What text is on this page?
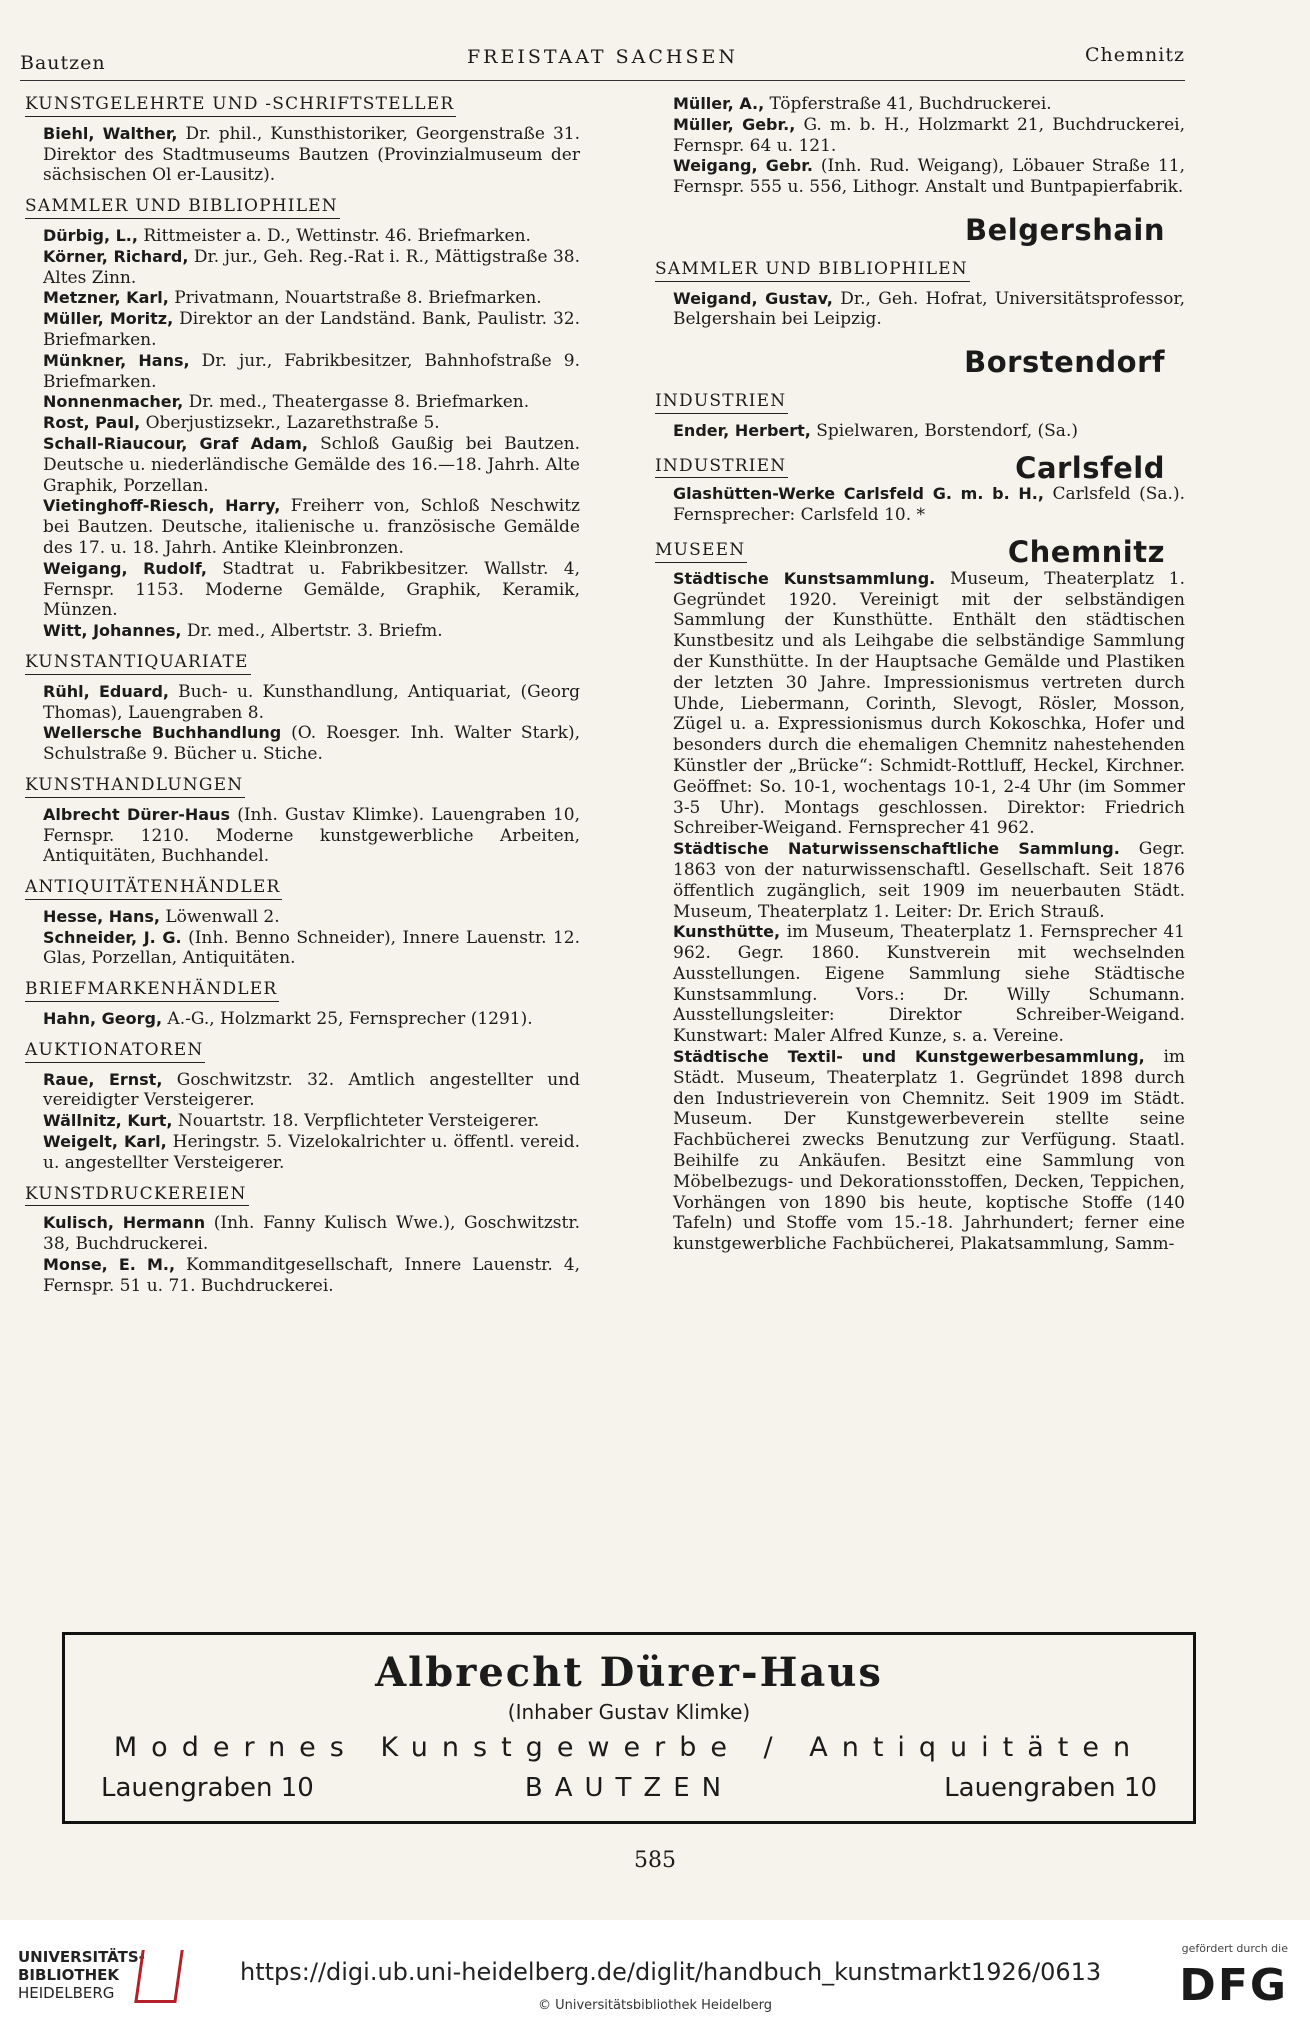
Bautzen	FREISTAAT SACHSEN	Chemnitz
KUNSTGELEHRTE UND -SCHRIFTSTELLER
Biehl, Walther, Dr. phil., Kunsthistoriker, Georgenstraße 31. Direktor des Stadtmuseums Bautzen (Provinzialmuseum der sächsischen Ol er-Lausitz).
SAMMLER UND BIBLIOPHILEN
Dürbig, L., Rittmeister a. D., Wettinstr. 46. Briefmarken.
Körner, Richard, Dr. jur., Geh. Reg.-Rat i. R., Mättigstraße 38. Altes Zinn.
Metzner, Karl, Privatmann, Nouartstraße 8. Briefmarken.
Müller, Moritz, Direktor an der Landständ. Bank, Paulistr. 32. Briefmarken.
Münkner, Hans, Dr. jur., Fabrikbesitzer, Bahnhofstraße 9. Briefmarken.
Nonnenmacher, Dr. med., Theatergasse 8. Briefmarken.
Rost, Paul, Oberjustizsekr., Lazarethstraße 5.
Schall-Riaucour, Graf Adam, Schloß Gaußig bei Bautzen. Deutsche u. niederländische Gemälde des 16.—18. Jahrh. Alte Graphik, Porzellan.
Vietinghoff-Riesch, Harry, Freiherr von, Schloß Neschwitz bei Bautzen. Deutsche, italienische u. französische Gemälde des 17. u. 18. Jahrh. Antike Kleinbronzen.
Weigang, Rudolf, Stadtrat u. Fabrikbesitzer. Wallstr. 4, Fernspr. 1153. Moderne Gemälde, Graphik, Keramik, Münzen.
Witt, Johannes, Dr. med., Albertstr. 3. Briefm.
KUNSTANTIQUARIATE
Rühl, Eduard, Buch- u. Kunsthandlung, Antiquariat, (Georg Thomas), Lauengraben 8.
Wellersche Buchhandlung (O. Roesger. Inh. Walter Stark), Schulstraße 9. Bücher u. Stiche.
KUNSTHANDLUNGEN
Albrecht Dürer-Haus (Inh. Gustav Klimke). Lauengraben 10, Fernspr. 1210. Moderne kunstgewerbliche Arbeiten, Antiquitäten, Buchhandel.
ANTIQUITÄTENHÄNDLER
Hesse, Hans, Löwenwall 2.
Schneider, J. G. (Inh. Benno Schneider), Innere Lauenstr. 12. Glas, Porzellan, Antiquitäten.
BRIEFMARKENHÄNDLER
Hahn, Georg, A.-G., Holzmarkt 25, Fernsprecher (1291).
AUKTIONATOREN
Raue, Ernst, Goschwitzstr. 32. Amtlich angestellter und vereidigter Versteigerer.
Wällnitz, Kurt, Nouartstr. 18. Verpflichteter Versteigerer.
Weigelt, Karl, Heringstr. 5. Vizelokalrichter u. öffentl. vereid. u. angestellter Versteigerer.
KUNSTDRUCKEREIEN
Kulisch, Hermann (Inh. Fanny Kulisch Wwe.), Goschwitzstr. 38, Buchdruckerei.
Monse, E. M., Kommanditgesellschaft, Innere Lauenstr. 4, Fernspr. 51 u. 71. Buchdruckerei.
Müller, A., Töpferstraße 41, Buchdruckerei.
Müller, Gebr., G. m. b. H., Holzmarkt 21, Buchdruckerei, Fernspr. 64 u. 121.
Weigang, Gebr. (Inh. Rud. Weigang), Löbauer Straße 11, Fernspr. 555 u. 556, Lithogr. Anstalt und Buntpapierfabrik.
Belgershain
SAMMLER UND BIBLIOPHILEN
Weigand, Gustav, Dr., Geh. Hofrat, Universitätsprofessor, Belgershain bei Leipzig.
Borstendorf
INDUSTRIEN
Ender, Herbert, Spielwaren, Borstendorf, (Sa.)
INDUSTRIEN	Carlsfeld
Glashütten-Werke Carlsfeld G. m. b. H., Carlsfeld (Sa.). Fernsprecher: Carlsfeld 10. *
MUSEEN	Chemnitz
Städtische Kunstsammlung. Museum, Theaterplatz 1. Gegründet 1920. Vereinigt mit der selbständigen Sammlung der Kunsthütte. Enthält den städtischen Kunstbesitz und als Leihgabe die selbständige Sammlung der Kunsthütte. In der Hauptsache Gemälde und Plastiken der letzten 30 Jahre. Impressionismus vertreten durch Uhde, Liebermann, Corinth, Slevogt, Rösler, Mosson, Zügel u. a. Expressionismus durch Kokoschka, Hofer und besonders durch die ehemaligen Chemnitz nahestehenden Künstler der „Brücke“: Schmidt-Rottluff, Heckel, Kirchner. Geöffnet: So. 10-1, wochentags 10-1, 2-4 Uhr (im Sommer 3-5 Uhr). Montags geschlossen. Direktor: Friedrich Schreiber-Weigand. Fernsprecher 41 962.
Städtische Naturwissenschaftliche Sammlung. Gegr. 1863 von der naturwissenschaftl. Gesellschaft. Seit 1876 öffentlich zugänglich, seit 1909 im neuerbauten Städt. Museum, Theaterplatz 1. Leiter: Dr. Erich Strauß.
Kunsthütte, im Museum, Theaterplatz 1. Fernsprecher 41 962. Gegr. 1860. Kunstverein mit wechselnden Ausstellungen. Eigene Sammlung siehe Städtische Kunstsammlung. Vors.: Dr. Willy Schumann. Ausstellungsleiter: Direktor Schreiber-Weigand. Kunstwart: Maler Alfred Kunze, s. a. Vereine.
Städtische Textil- und Kunstgewerbesammlung, im Städt. Museum, Theaterplatz 1. Gegründet 1898 durch den Industrieverein von Chemnitz. Seit 1909 im Städt. Museum. Der Kunstgewerbeverein stellte seine Fachbücherei zwecks Benutzung zur Verfügung. Staatl. Beihilfe zu Ankäufen. Besitzt eine Sammlung von Möbelbezugs- und Dekorationsstoffen, Decken, Teppichen, Vorhängen von 1890 bis heute, koptische Stoffe (140 Tafeln) und Stoffe vom 15.-18. Jahrhundert; ferner eine kunstgewerbliche Fachbücherei, Plakatsammlung, Samm-
Albrecht Dürer-Haus
(Inhaber Gustav Klimke)
Modernes Kunstgewerbe / Antiquitäten
Lauengraben 10	BAUTZEN	Lauengraben 10
585
UNIVERSITÄTS-
BIBLIOTHEK
HEIDELBERG
https://digi.ub.uni-heidelberg.de/diglit/handbuch_kunstmarkt1926/0613
© Universitätsbibliothek Heidelberg
gefördert durch die
DFG
